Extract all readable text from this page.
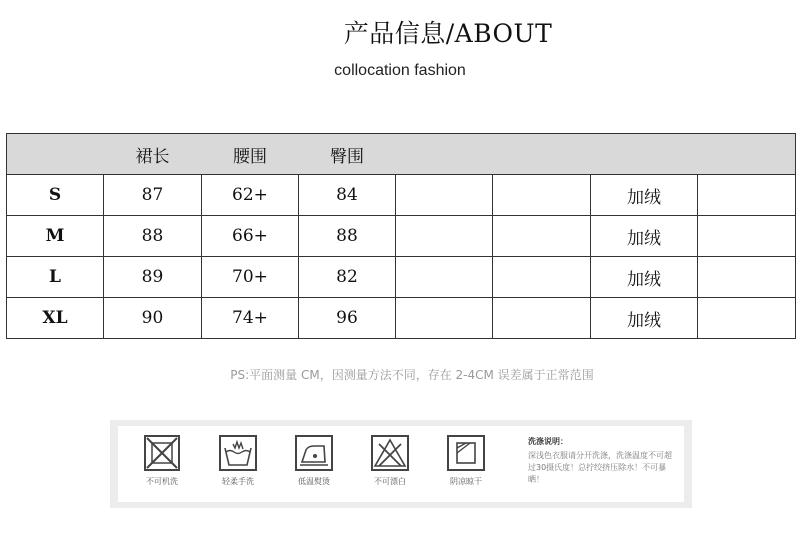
产品信息/ABOUT
collocation fashion
	裙长	腰围	臀围				
S	87	62+	84			加绒	
M	88	66+	88			加绒	
L	89	70+	82			加绒	
XL	90	74+	96			加绒	
PS:平面测量 CM，因测量方法不同，存在 2-4CM 误差属于正常范围
不可机洗	轻柔手洗	低温熨烫	不可漂白	阴凉晾干
洗涤说明：
深浅色衣服请分开洗涤，洗涤温度不可超过30摄氏度！总拧绞挤压除水！不可暴晒！
